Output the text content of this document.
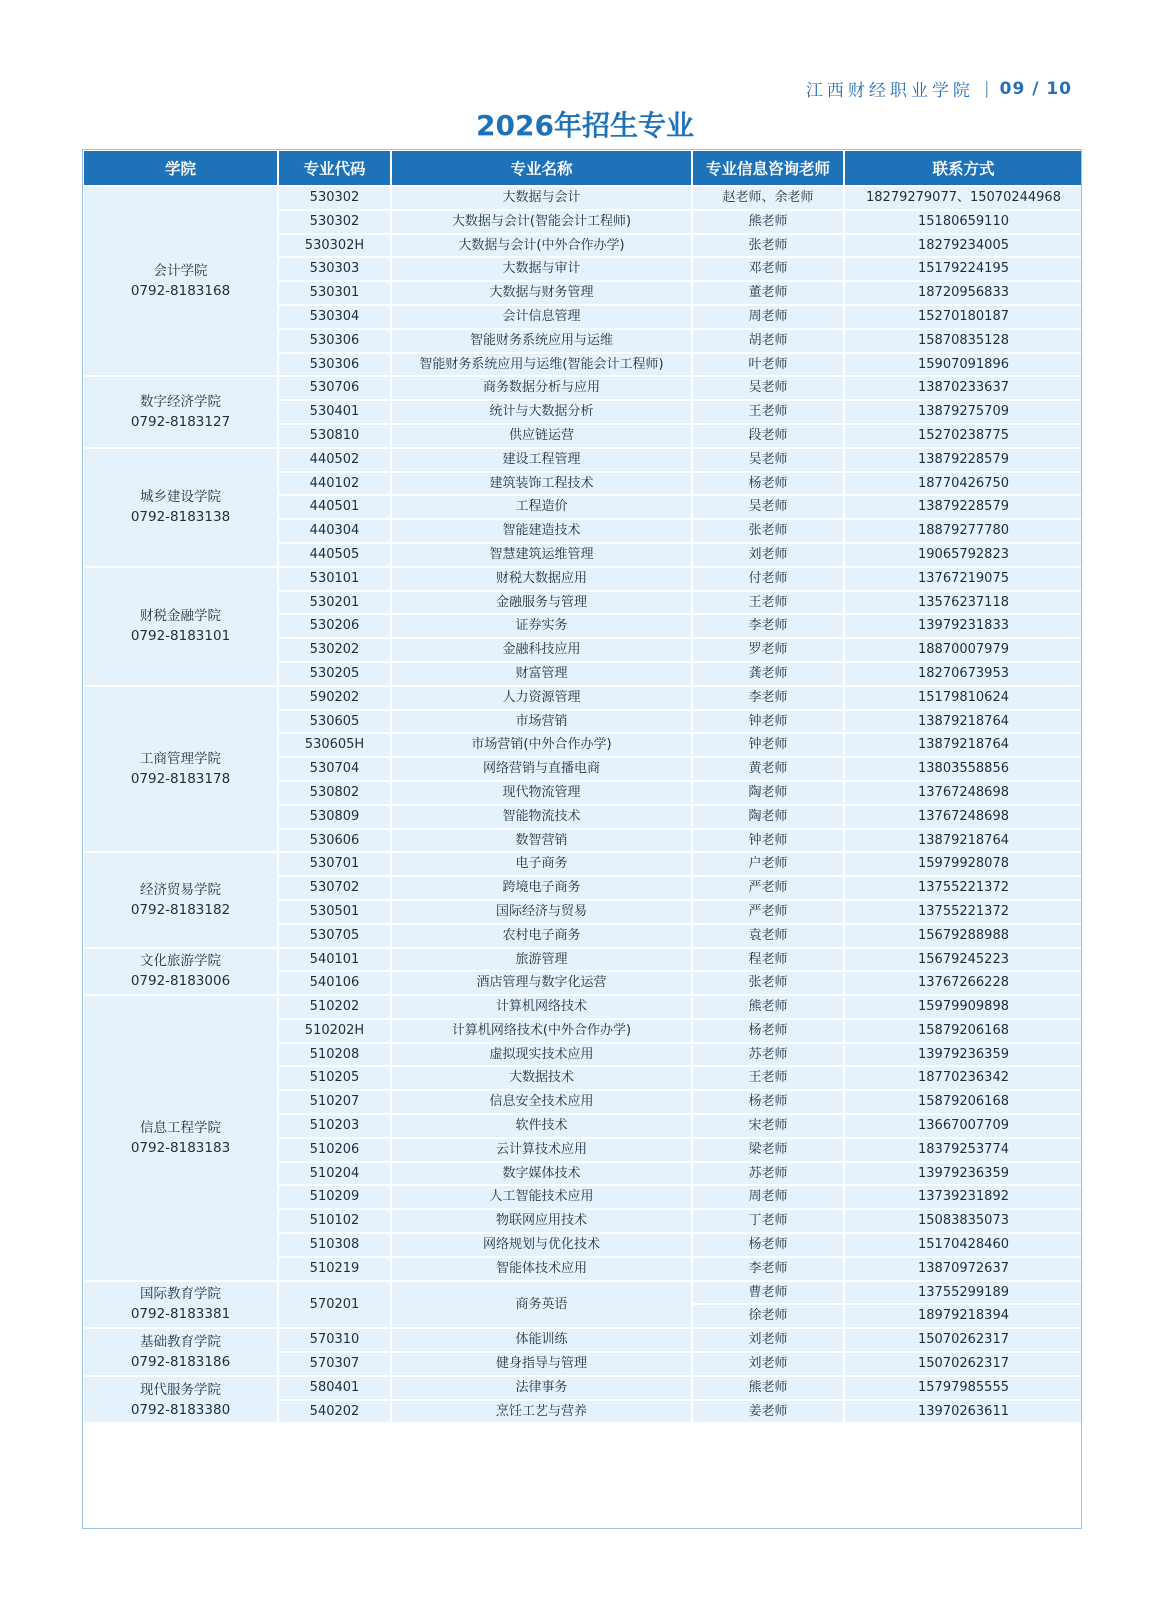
江西财经职业学院 | 09 / 10
2026年招生专业
学院	专业代码	专业名称	专业信息咨询老师	联系方式

会计学院
0792-8183168	530302	大数据与会计	赵老师、余老师	18279279077、15070244968
	530302	大数据与会计(智能会计工程师)	熊老师	15180659110
	530302H	大数据与会计(中外合作办学)	张老师	18279234005
	530303	大数据与审计	邓老师	15179224195
	530301	大数据与财务管理	董老师	18720956833
	530304	会计信息管理	周老师	15270180187
	530306	智能财务系统应用与运维	胡老师	15870835128
	530306	智能财务系统应用与运维(智能会计工程师)	叶老师	15907091896

数字经济学院
0792-8183127	530706	商务数据分析与应用	吴老师	13870233637
	530401	统计与大数据分析	王老师	13879275709
	530810	供应链运营	段老师	15270238775

城乡建设学院
0792-8183138	440502	建设工程管理	吴老师	13879228579
	440102	建筑装饰工程技术	杨老师	18770426750
	440501	工程造价	吴老师	13879228579
	440304	智能建造技术	张老师	18879277780
	440505	智慧建筑运维管理	刘老师	19065792823

财税金融学院
0792-8183101	530101	财税大数据应用	付老师	13767219075
	530201	金融服务与管理	王老师	13576237118
	530206	证券实务	李老师	13979231833
	530202	金融科技应用	罗老师	18870007979
	530205	财富管理	龚老师	18270673953

工商管理学院
0792-8183178	590202	人力资源管理	李老师	15179810624
	530605	市场营销	钟老师	13879218764
	530605H	市场营销(中外合作办学)	钟老师	13879218764
	530704	网络营销与直播电商	黄老师	13803558856
	530802	现代物流管理	陶老师	13767248698
	530809	智能物流技术	陶老师	13767248698
	530606	数智营销	钟老师	13879218764

经济贸易学院
0792-8183182	530701	电子商务	户老师	15979928078
	530702	跨境电子商务	严老师	13755221372
	530501	国际经济与贸易	严老师	13755221372
	530705	农村电子商务	袁老师	15679288988

文化旅游学院
0792-8183006	540101	旅游管理	程老师	15679245223
	540106	酒店管理与数字化运营	张老师	13767266228

信息工程学院
0792-8183183	510202	计算机网络技术	熊老师	15979909898
	510202H	计算机网络技术(中外合作办学)	杨老师	15879206168
	510208	虚拟现实技术应用	苏老师	13979236359
	510205	大数据技术	王老师	18770236342
	510207	信息安全技术应用	杨老师	15879206168
	510203	软件技术	宋老师	13667007709
	510206	云计算技术应用	梁老师	18379253774
	510204	数字媒体技术	苏老师	13979236359
	510209	人工智能技术应用	周老师	13739231892
	510102	物联网应用技术	丁老师	15083835073
	510308	网络规划与优化技术	杨老师	15170428460
	510219	智能体技术应用	李老师	13870972637

国际教育学院
0792-8183381	570201	商务英语	曹老师	13755299189
			徐老师	18979218394

基础教育学院
0792-8183186	570310	体能训练	刘老师	15070262317
	570307	健身指导与管理	刘老师	15070262317

现代服务学院
0792-8183380	580401	法律事务	熊老师	15797985555
	540202	烹饪工艺与营养	姜老师	13970263611
